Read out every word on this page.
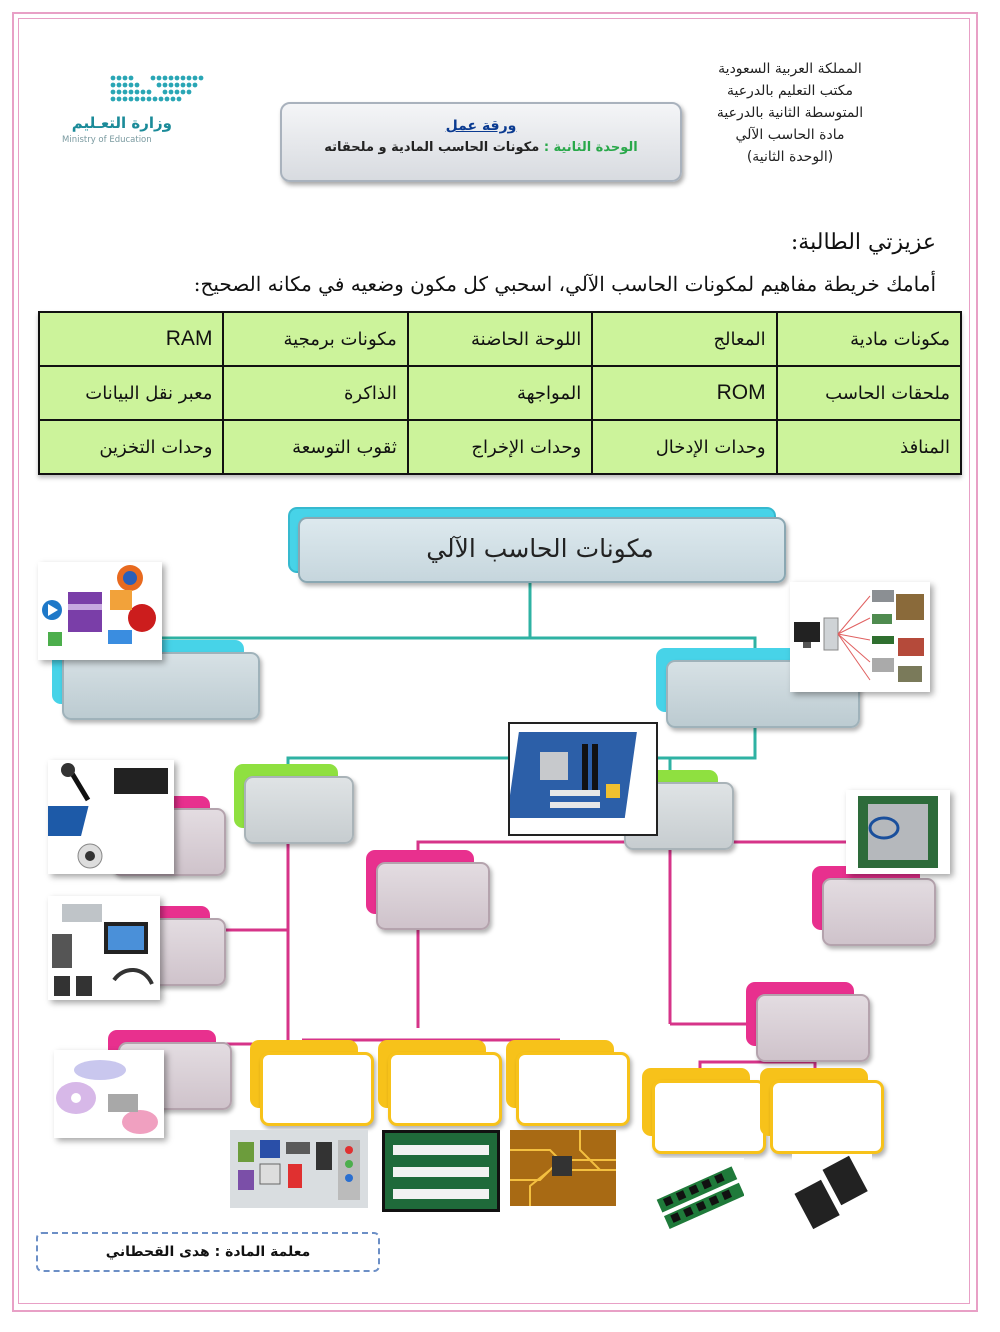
المملكة العربية السعودية
مكتب التعليم بالدرعية
المتوسطة الثانية بالدرعية
مادة الحاسب الآلي
(الوحدة الثانية)
وزارة التعـليم
Ministry of Education
ورقة عمل
الوحدة الثانية : مكونات الحاسب المادية و ملحقاته
عزيزتي الطالبة:
أمامك خريطة مفاهيم لمكونات الحاسب الآلي، اسحبي كل مكون وضعيه في مكانه الصحيح:
مكونات مادية	المعالج	اللوحة الحاضنة	مكونات برمجية	RAM
ملحقات الحاسب	ROM	المواجهة	الذاكرة	معبر نقل البيانات
المنافذ	وحدات الإدخال	وحدات الإخراج	ثقوب التوسعة	وحدات التخزين
مكونات الحاسب الآلي
معلمة المادة : هدى القحطاني
